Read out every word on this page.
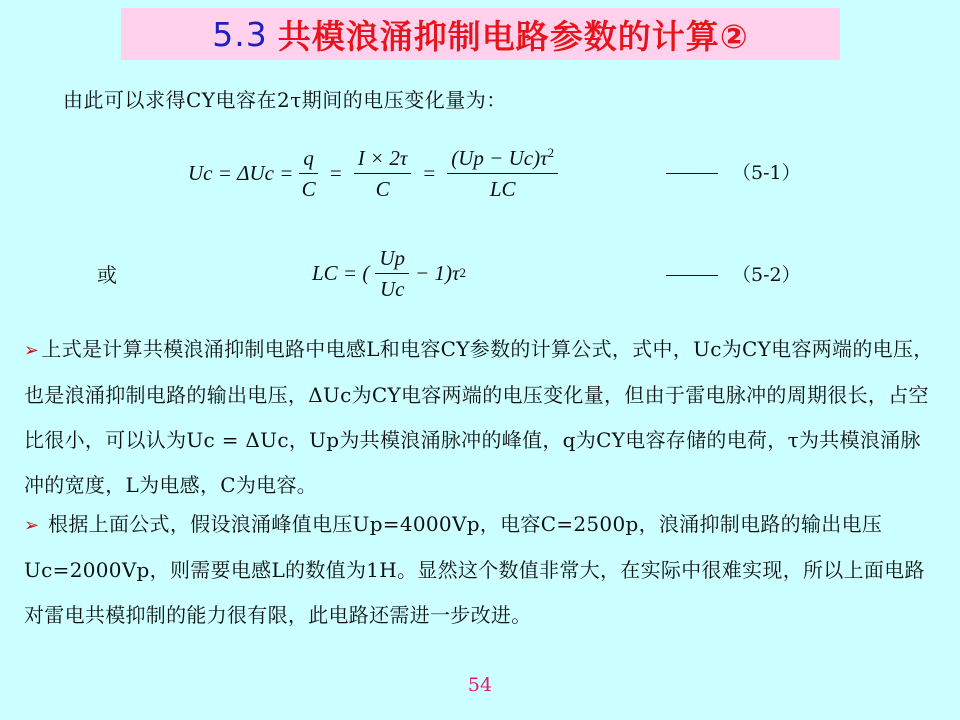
5.3 共模浪涌抑制电路参数的计算②
由此可以求得CY电容在2τ期间的电压变化量为：
$Uc = \Delta Uc = \frac{q}{C} = \frac{I \times 2\tau}{C} = \frac{(Up - Uc)\tau^2}{LC}$	（5-1）
或	LC = ( $\frac{Up}{Uc} - 1)\tau$ 2	（5-2）
➢ 上式是计算共模浪涌抑制电路中电感L和电容CY参数的计算公式，式中，Uc为CY电容两端的电压，也是浪涌抑制电路的输出电压，ΔUc为CY电容两端的电压变化量，但由于雷电脉冲的周期很长，占空比很小，可以认为Uc = ΔUc，Up为共模浪涌脉冲的峰值，q为CY电容存储的电荷，τ为共模浪涌脉冲的宽度，L为电感，C为电容。
➢ 根据上面公式，假设浪涌峰值电压Up=4000Vp，电容C=2500p，浪涌抑制电路的输出电压Uc=2000Vp，则需要电感L的数值为1H。显然这个数值非常大，在实际中很难实现，所以上面电路对雷电共模抑制的能力很有限，此电路还需进一步改进。
54
